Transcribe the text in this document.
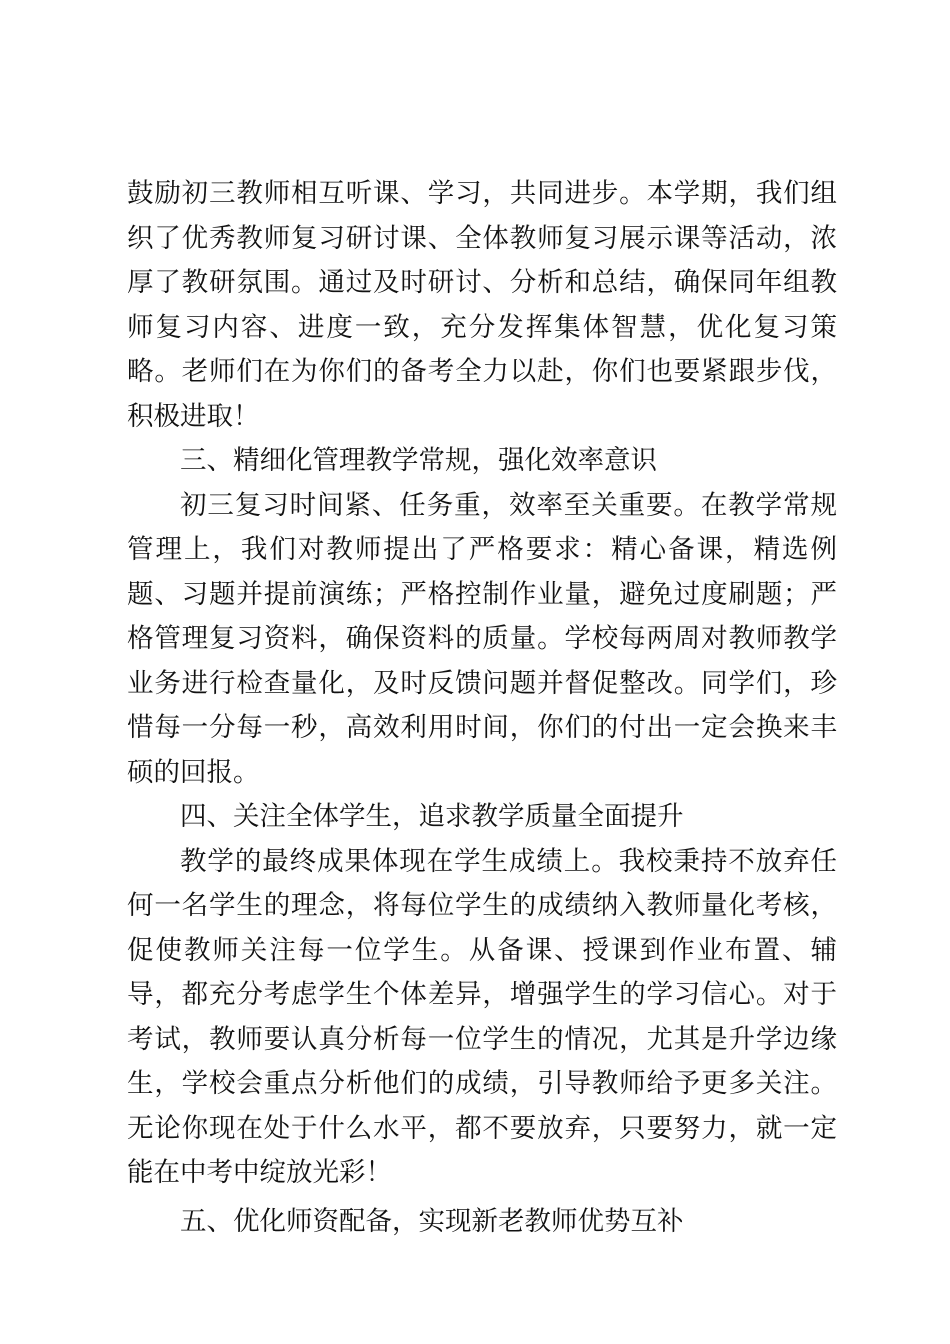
鼓励初三教师相互听课、学习，共同进步。本学期，我们组织了优秀教师复习研讨课、全体教师复习展示课等活动，浓厚了教研氛围。通过及时研讨、分析和总结，确保同年组教师复习内容、进度一致，充分发挥集体智慧，优化复习策略。老师们在为你们的备考全力以赴，你们也要紧跟步伐，积极进取！

三、精细化管理教学常规，强化效率意识

初三复习时间紧、任务重，效率至关重要。在教学常规管理上，我们对教师提出了严格要求：精心备课，精选例题、习题并提前演练；严格控制作业量，避免过度刷题；严格管理复习资料，确保资料的质量。学校每两周对教师教学业务进行检查量化，及时反馈问题并督促整改。同学们，珍惜每一分每一秒，高效利用时间，你们的付出一定会换来丰硕的回报。

四、关注全体学生，追求教学质量全面提升

教学的最终成果体现在学生成绩上。我校秉持不放弃任何一名学生的理念，将每位学生的成绩纳入教师量化考核，促使教师关注每一位学生。从备课、授课到作业布置、辅导，都充分考虑学生个体差异，增强学生的学习信心。对于考试，教师要认真分析每一位学生的情况，尤其是升学边缘生，学校会重点分析他们的成绩，引导教师给予更多关注。无论你现在处于什么水平，都不要放弃，只要努力，就一定能在中考中绽放光彩！

五、优化师资配备，实现新老教师优势互补
